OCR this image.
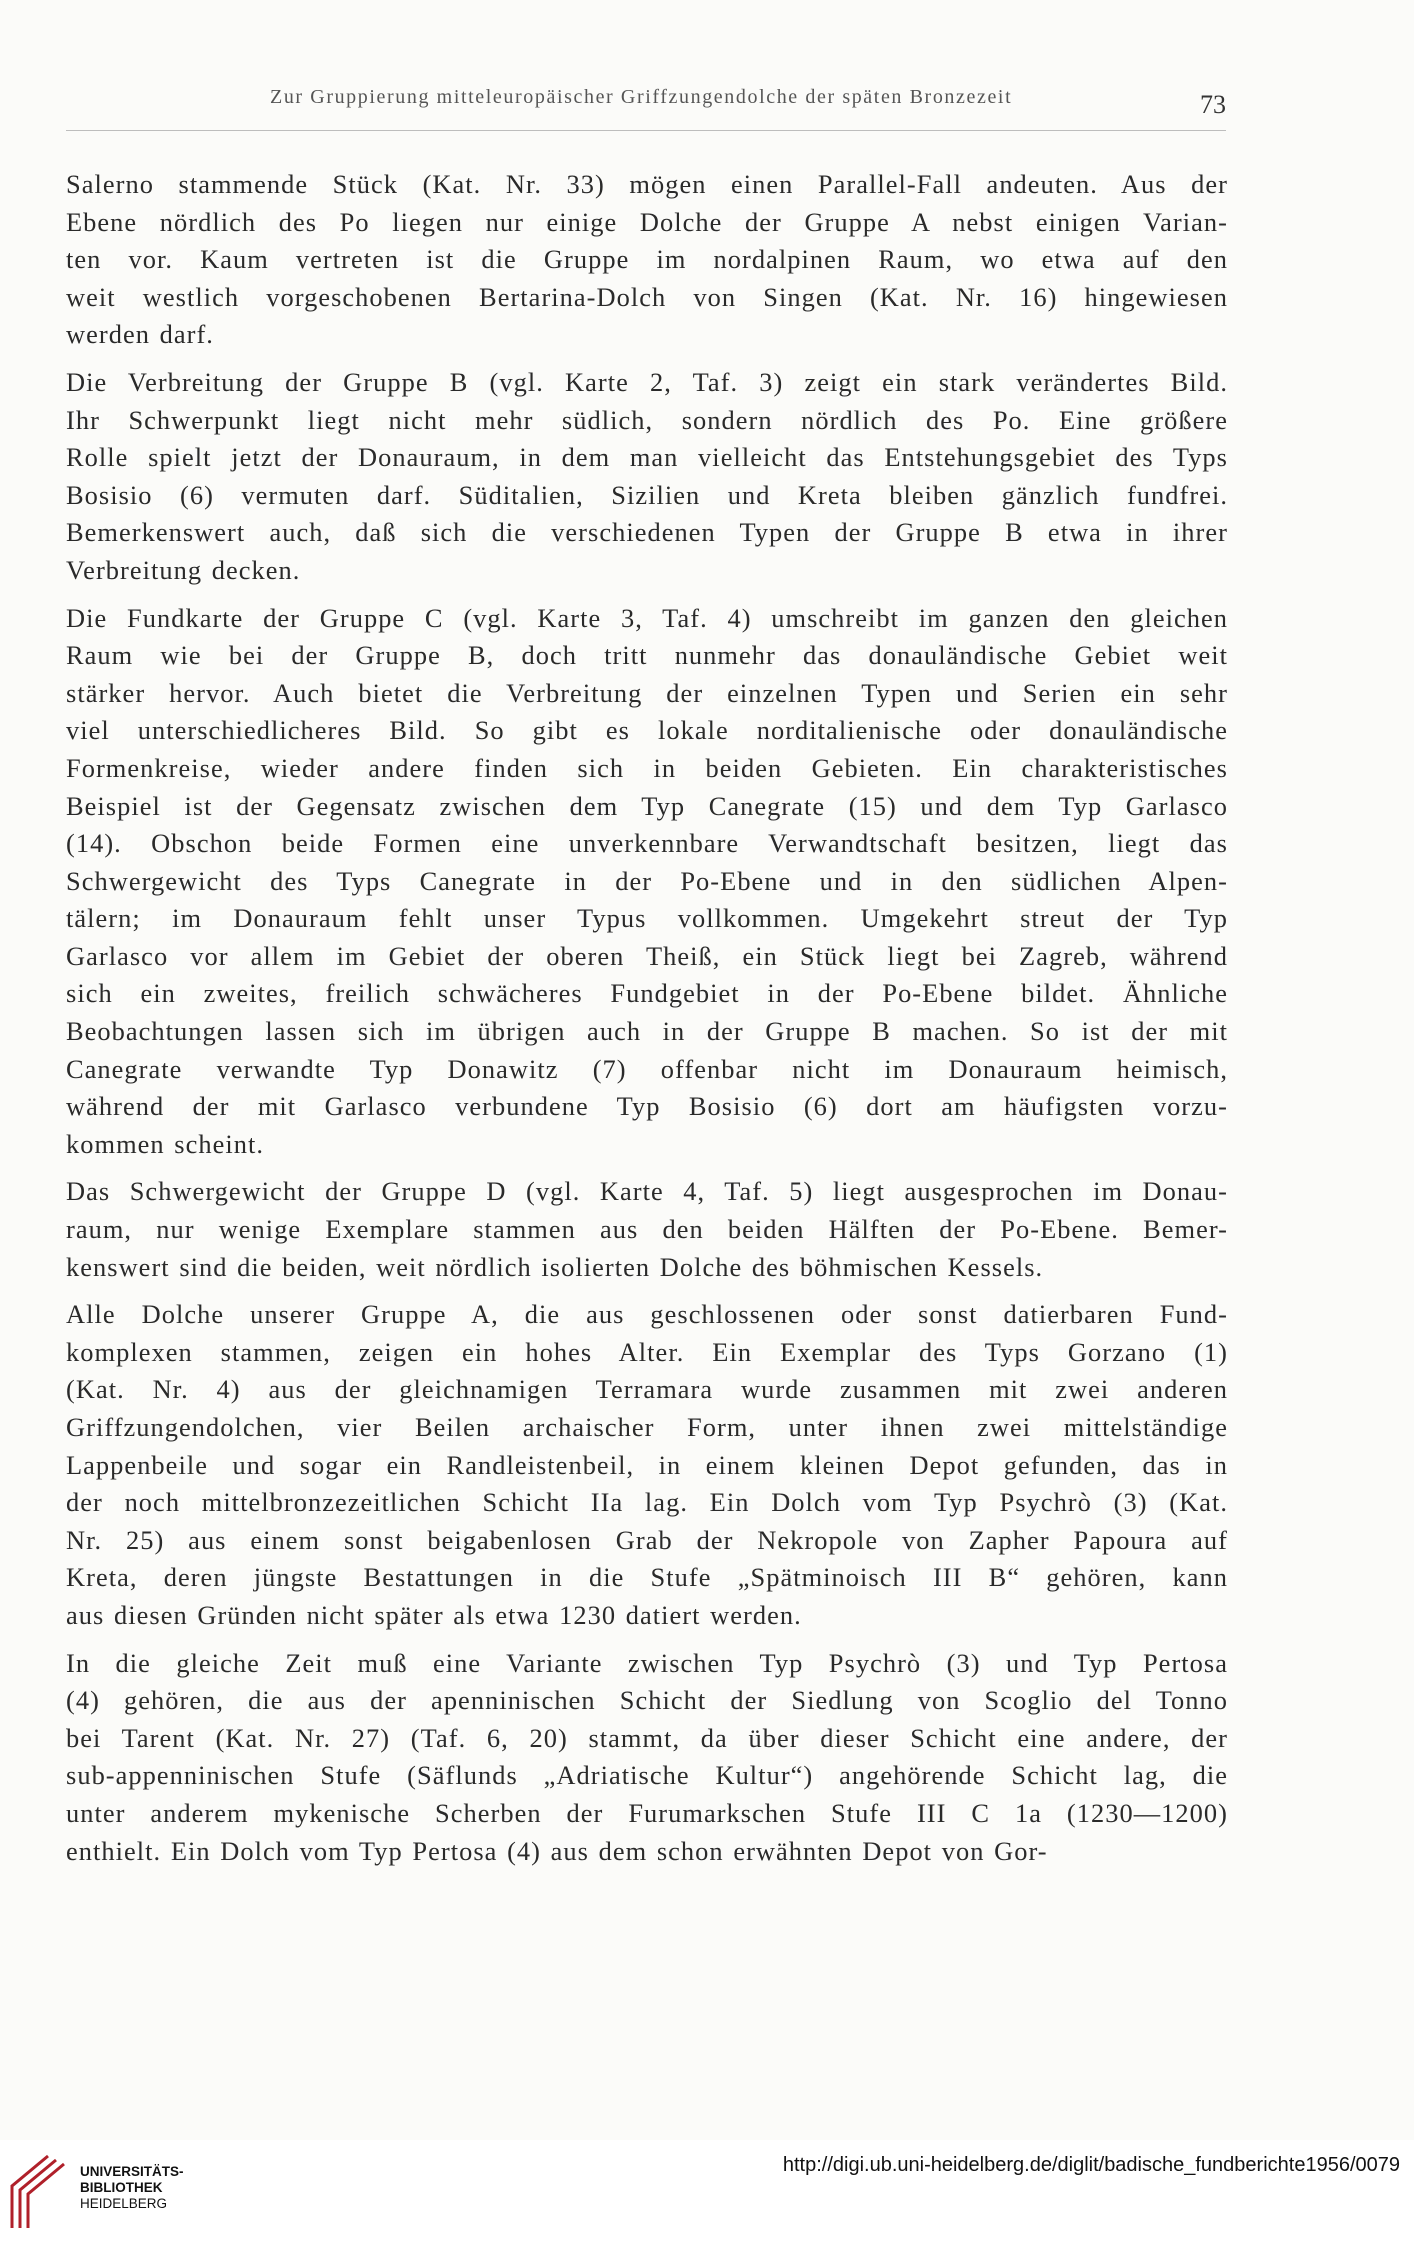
Zur Gruppierung mitteleuropäischer Griffzungendolche der späten Bronzezeit	73
Salerno stammende Stück (Kat. Nr. 33) mögen einen Parallel-Fall andeuten. Aus der
Ebene nördlich des Po liegen nur einige Dolche der Gruppe A nebst einigen Varian-
ten vor. Kaum vertreten ist die Gruppe im nordalpinen Raum, wo etwa auf den
weit westlich vorgeschobenen Bertarina-Dolch von Singen (Kat. Nr. 16) hingewiesen
werden darf.
Die Verbreitung der Gruppe B (vgl. Karte 2, Taf. 3) zeigt ein stark verändertes Bild.
Ihr Schwerpunkt liegt nicht mehr südlich, sondern nördlich des Po. Eine größere
Rolle spielt jetzt der Donauraum, in dem man vielleicht das Entstehungsgebiet des Typs
Bosisio (6) vermuten darf. Süditalien, Sizilien und Kreta bleiben gänzlich fundfrei.
Bemerkenswert auch, daß sich die verschiedenen Typen der Gruppe B etwa in ihrer
Verbreitung decken.
Die Fundkarte der Gruppe C (vgl. Karte 3, Taf. 4) umschreibt im ganzen den gleichen
Raum wie bei der Gruppe B, doch tritt nunmehr das donauländische Gebiet weit
stärker hervor. Auch bietet die Verbreitung der einzelnen Typen und Serien ein sehr
viel unterschiedlicheres Bild. So gibt es lokale norditalienische oder donauländische
Formenkreise, wieder andere finden sich in beiden Gebieten. Ein charakteristisches
Beispiel ist der Gegensatz zwischen dem Typ Canegrate (15) und dem Typ Garlasco
(14). Obschon beide Formen eine unverkennbare Verwandtschaft besitzen, liegt das
Schwergewicht des Typs Canegrate in der Po-Ebene und in den südlichen Alpen-
tälern; im Donauraum fehlt unser Typus vollkommen. Umgekehrt streut der Typ
Garlasco vor allem im Gebiet der oberen Theiß, ein Stück liegt bei Zagreb, während
sich ein zweites, freilich schwächeres Fundgebiet in der Po-Ebene bildet. Ähnliche
Beobachtungen lassen sich im übrigen auch in der Gruppe B machen. So ist der mit
Canegrate verwandte Typ Donawitz (7) offenbar nicht im Donauraum heimisch,
während der mit Garlasco verbundene Typ Bosisio (6) dort am häufigsten vorzu-
kommen scheint.
Das Schwergewicht der Gruppe D (vgl. Karte 4, Taf. 5) liegt ausgesprochen im Donau-
raum, nur wenige Exemplare stammen aus den beiden Hälften der Po-Ebene. Bemer-
kenswert sind die beiden, weit nördlich isolierten Dolche des böhmischen Kessels.
Alle Dolche unserer Gruppe A, die aus geschlossenen oder sonst datierbaren Fund-
komplexen stammen, zeigen ein hohes Alter. Ein Exemplar des Typs Gorzano (1)
(Kat. Nr. 4) aus der gleichnamigen Terramara wurde zusammen mit zwei anderen
Griffzungendolchen, vier Beilen archaischer Form, unter ihnen zwei mittelständige
Lappenbeile und sogar ein Randleistenbeil, in einem kleinen Depot gefunden, das in
der noch mittelbronzezeitlichen Schicht IIa lag. Ein Dolch vom Typ Psychrò (3) (Kat.
Nr. 25) aus einem sonst beigabenlosen Grab der Nekropole von Zapher Papoura auf
Kreta, deren jüngste Bestattungen in die Stufe „Spätminoisch III B“ gehören, kann
aus diesen Gründen nicht später als etwa 1230 datiert werden.
In die gleiche Zeit muß eine Variante zwischen Typ Psychrò (3) und Typ Pertosa
(4) gehören, die aus der apenninischen Schicht der Siedlung von Scoglio del Tonno
bei Tarent (Kat. Nr. 27) (Taf. 6, 20) stammt, da über dieser Schicht eine andere, der
sub-appenninischen Stufe (Säflunds „Adriatische Kultur“) angehörende Schicht lag, die
unter anderem mykenische Scherben der Furumarkschen Stufe III C 1a (1230—1200)
enthielt. Ein Dolch vom Typ Pertosa (4) aus dem schon erwähnten Depot von Gor-
UNIVERSITÄTS-
BIBLIOTHEK
HEIDELBERG
http://digi.ub.uni-heidelberg.de/diglit/badische_fundberichte1956/0079
